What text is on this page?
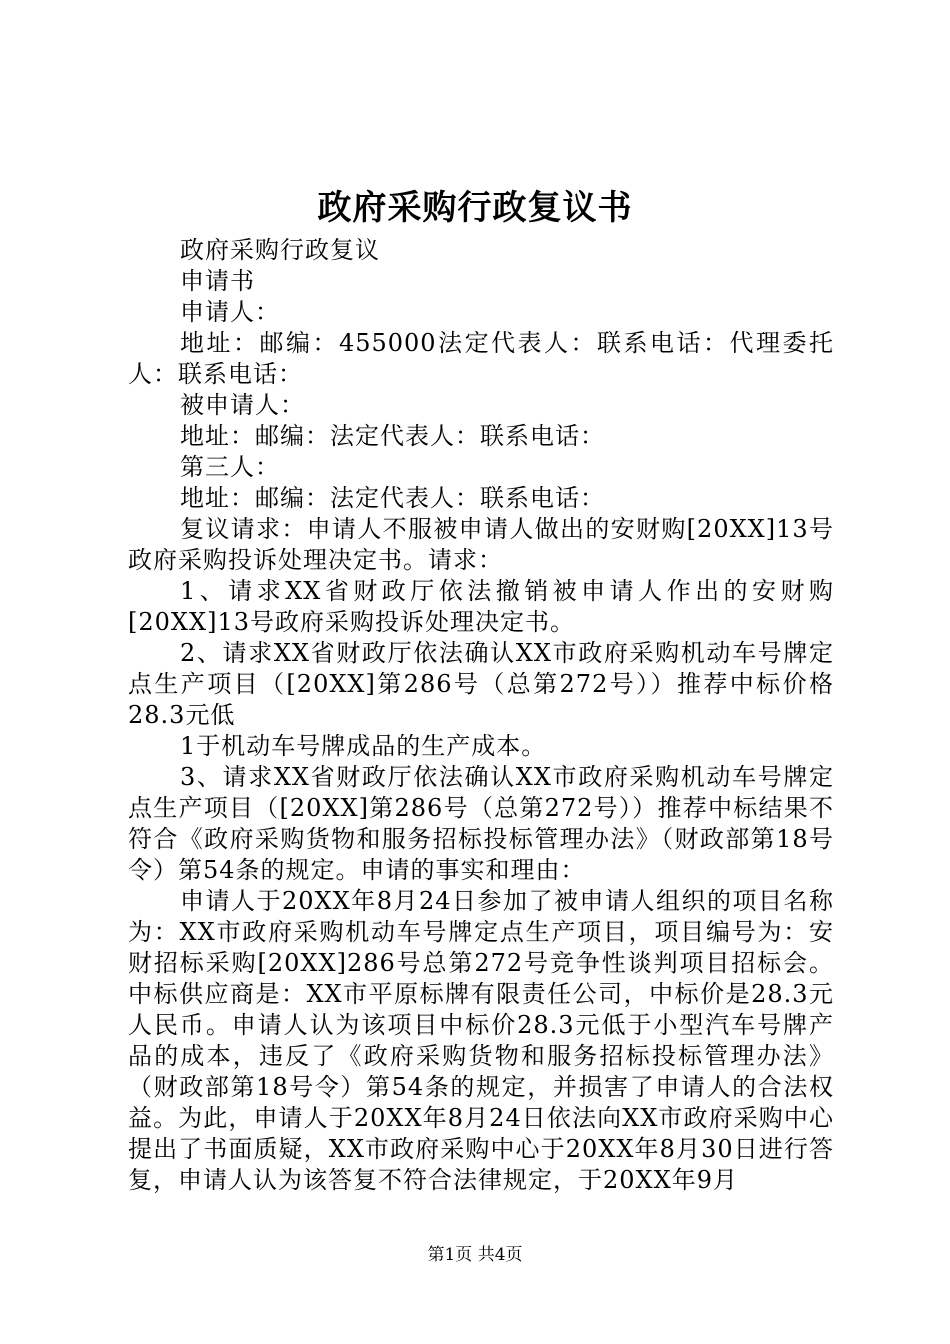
政府采购行政复议书

政府采购行政复议

申请书

申请人：

地址：邮编：455000法定代表人：联系电话：代理委托人：联系电话：

被申请人：

地址：邮编：法定代表人：联系电话：

第三人：

地址：邮编：法定代表人：联系电话：

复议请求：申请人不服被申请人做出的安财购[20XX]13号政府采购投诉处理决定书。请求：

1、请求XX省财政厅依法撤销被申请人作出的安财购[20XX]13号政府采购投诉处理决定书。

2、请求XX省财政厅依法确认XX市政府采购机动车号牌定点生产项目（[20XX]第286号（总第272号））推荐中标价格28.3元低

1于机动车号牌成品的生产成本。

3、请求XX省财政厅依法确认XX市政府采购机动车号牌定点生产项目（[20XX]第286号（总第272号））推荐中标结果不符合《政府采购货物和服务招标投标管理办法》（财政部第18号令）第54条的规定。申请的事实和理由：

申请人于20XX年8月24日参加了被申请人组织的项目名称为：XX市政府采购机动车号牌定点生产项目，项目编号为：安财招标采购[20XX]286号总第272号竞争性谈判项目招标会。中标供应商是：XX市平原标牌有限责任公司，中标价是28.3元人民币。申请人认为该项目中标价28.3元低于小型汽车号牌产品的成本，违反了《政府采购货物和服务招标投标管理办法》（财政部第18号令）第54条的规定，并损害了申请人的合法权益。为此，申请人于20XX年8月24日依法向XX市政府采购中心提出了书面质疑，XX市政府采购中心于20XX年8月30日进行答复，申请人认为该答复不符合法律规定，于20XX年9月

第1页 共4页
